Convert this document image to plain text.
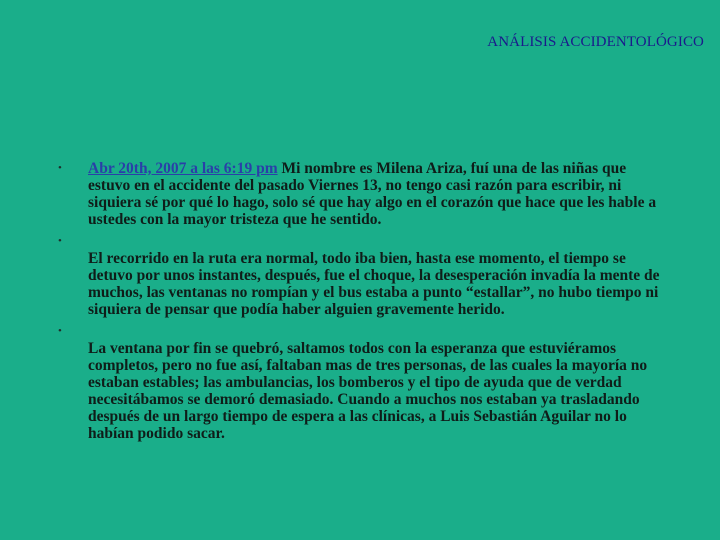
ANÁLISIS ACCIDENTOLÓGICO
• Abr 20th, 2007 a las 6:19 pm Mi nombre es Milena Ariza, fuí una de las niñas que estuvo en el accidente del pasado Viernes 13, no tengo casi razón para escribir, ni siquiera sé por qué lo hago, solo sé que hay algo en el corazón que hace que les hable a ustedes con la mayor tristeza que he sentido.
•
El recorrido en la ruta era normal, todo iba bien, hasta ese momento, el tiempo se detuvo por unos instantes, después, fue el choque, la desesperación invadía la mente de muchos, las ventanas no rompían y el bus estaba a punto “estallar”, no hubo tiempo ni siquiera de pensar que podía haber alguien gravemente herido.
•
La ventana por fin se quebró, saltamos todos con la esperanza que estuviéramos completos, pero no fue así, faltaban mas de tres personas, de las cuales la mayoría no estaban estables; las ambulancias, los bomberos y el tipo de ayuda que de verdad necesitábamos se demoró demasiado. Cuando a muchos nos estaban ya trasladando después de un largo tiempo de espera a las clínicas, a Luis Sebastián Aguilar no lo habían podido sacar.
